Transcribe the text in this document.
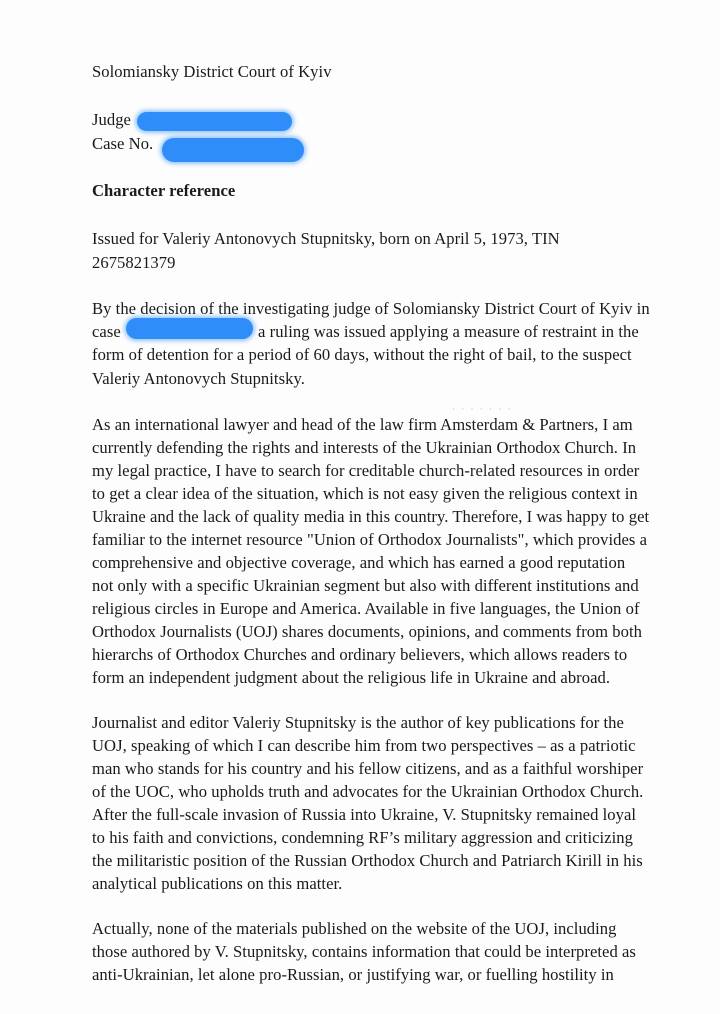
Solomiansky District Court of Kyiv
Judge
Case No.
Character reference
Issued for Valeriy Antonovych Stupnitsky, born on April 5, 1973, TIN
2675821379
By the decision of the investigating judge of Solomiansky District Court of Kyiv in
case	a ruling was issued applying a measure of restraint in the
form of detention for a period of 60 days, without the right of bail, to the suspect
Valeriy Antonovych Stupnitsky.
· · · · · · ·
As an international lawyer and head of the law firm Amsterdam & Partners, I am
currently defending the rights and interests of the Ukrainian Orthodox Church. In
my legal practice, I have to search for creditable church-related resources in order
to get a clear idea of the situation, which is not easy given the religious context in
Ukraine and the lack of quality media in this country. Therefore, I was happy to get
familiar to the internet resource "Union of Orthodox Journalists", which provides a
comprehensive and objective coverage, and which has earned a good reputation
not only with a specific Ukrainian segment but also with different institutions and
religious circles in Europe and America. Available in five languages, the Union of
Orthodox Journalists (UOJ) shares documents, opinions, and comments from both
hierarchs of Orthodox Churches and ordinary believers, which allows readers to
form an independent judgment about the religious life in Ukraine and abroad.
Journalist and editor Valeriy Stupnitsky is the author of key publications for the
UOJ, speaking of which I can describe him from two perspectives – as a patriotic
man who stands for his country and his fellow citizens, and as a faithful worshiper
of the UOC, who upholds truth and advocates for the Ukrainian Orthodox Church.
After the full-scale invasion of Russia into Ukraine, V. Stupnitsky remained loyal
to his faith and convictions, condemning RF’s military aggression and criticizing
the militaristic position of the Russian Orthodox Church and Patriarch Kirill in his
analytical publications on this matter.
Actually, none of the materials published on the website of the UOJ, including
those authored by V. Stupnitsky, contains information that could be interpreted as
anti-Ukrainian, let alone pro-Russian, or justifying war, or fuelling hostility in
